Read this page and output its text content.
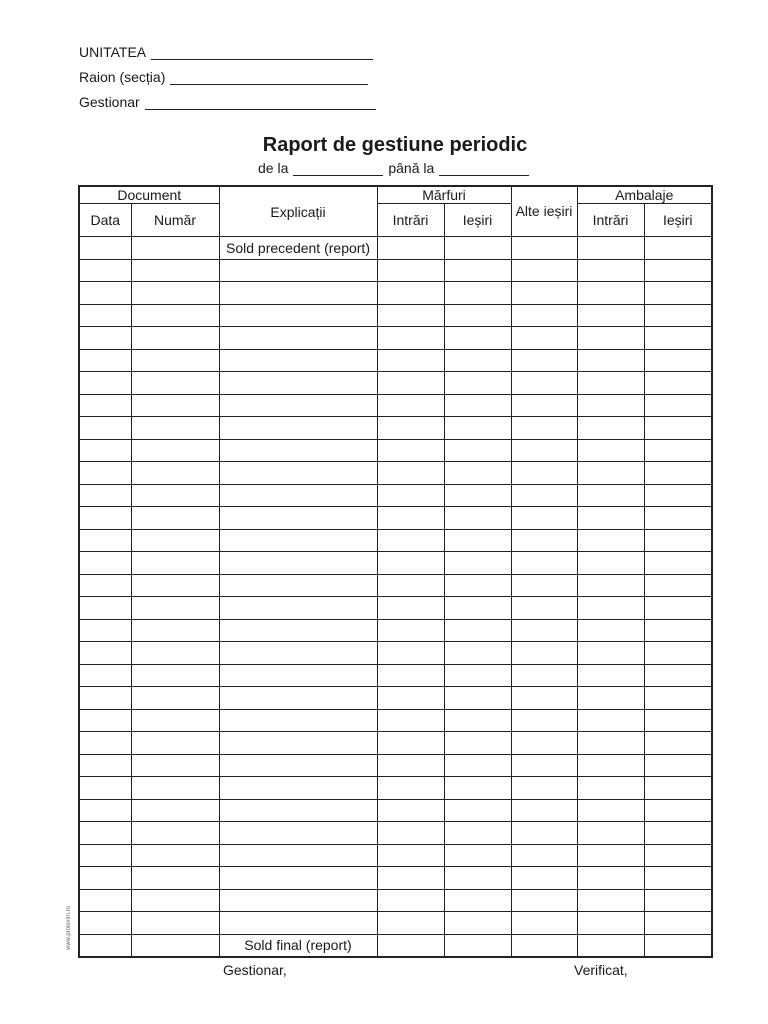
UNITATEA
Raion (secția)
Gestionar
Raport de gestiune periodic
de la	până la
Document		Explicații	Mărfuri		Alte ieșiri	Ambalaje	
Data	Număr		Intrări	Ieșiri		Intrări	Ieșiri
		Sold precedent (report)					

		Sold final (report)					
Gestionar,	Verificat,
www.prolexim.ro
